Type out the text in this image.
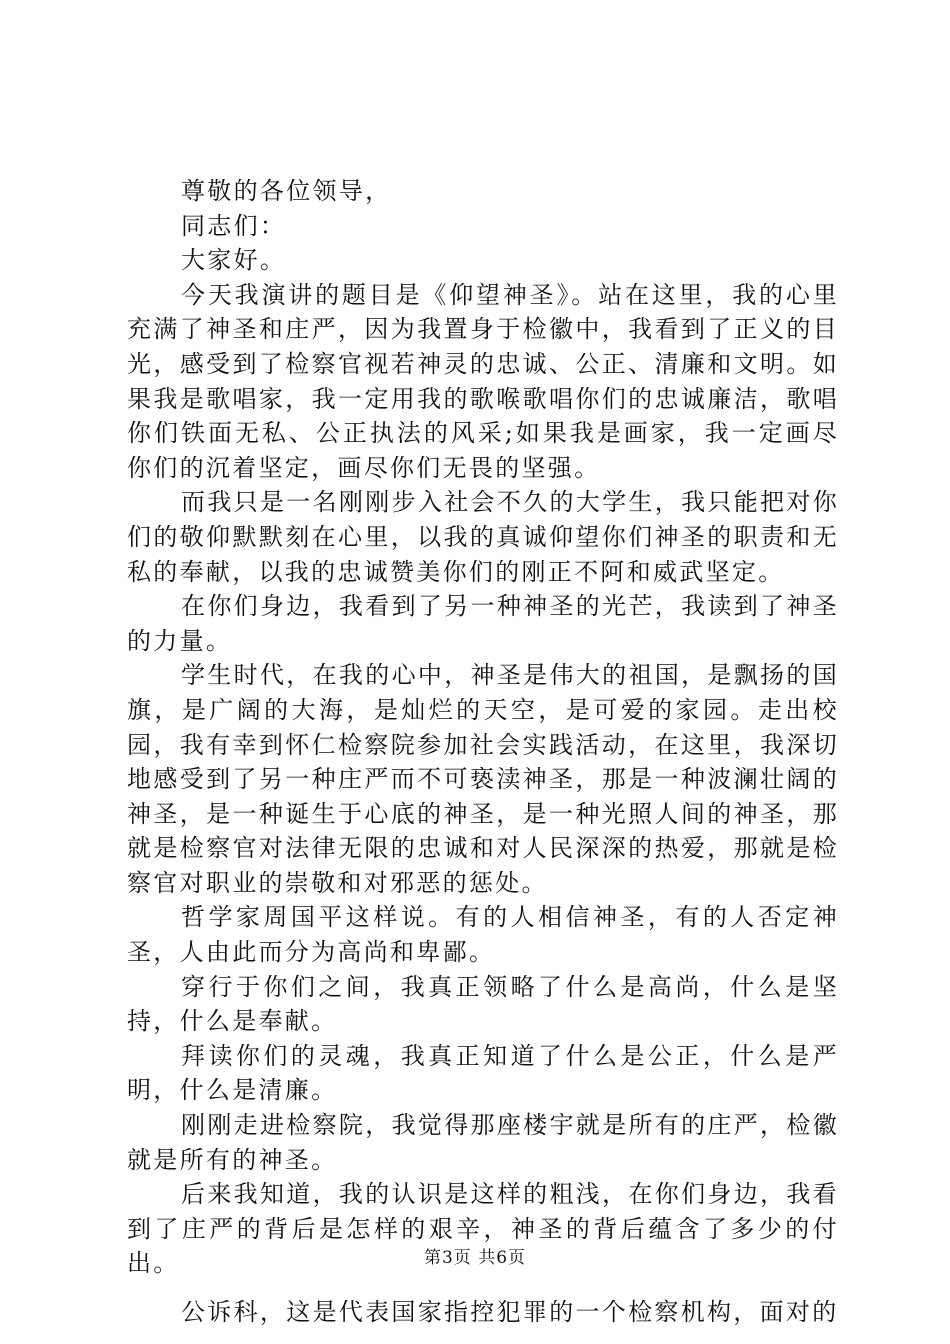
尊敬的各位领导，

同志们：

大家好。

今天我演讲的题目是《仰望神圣》。站在这里，我的心里充满了神圣和庄严，因为我置身于检徽中，我看到了正义的目光，感受到了检察官视若神灵的忠诚、公正、清廉和文明。如果我是歌唱家，我一定用我的歌喉歌唱你们的忠诚廉洁，歌唱你们铁面无私、公正执法的风采;如果我是画家，我一定画尽你们的沉着坚定，画尽你们无畏的坚强。

而我只是一名刚刚步入社会不久的大学生，我只能把对你们的敬仰默默刻在心里，以我的真诚仰望你们神圣的职责和无私的奉献，以我的忠诚赞美你们的刚正不阿和威武坚定。

在你们身边，我看到了另一种神圣的光芒，我读到了神圣的力量。

学生时代，在我的心中，神圣是伟大的祖国，是飘扬的国旗，是广阔的大海，是灿烂的天空，是可爱的家园。走出校园，我有幸到怀仁检察院参加社会实践活动，在这里，我深切地感受到了另一种庄严而不可亵渎神圣，那是一种波澜壮阔的神圣，是一种诞生于心底的神圣，是一种光照人间的神圣，那就是检察官对法律无限的忠诚和对人民深深的热爱，那就是检察官对职业的崇敬和对邪恶的惩处。

哲学家周国平这样说。有的人相信神圣，有的人否定神圣，人由此而分为高尚和卑鄙。

穿行于你们之间，我真正领略了什么是高尚，什么是坚持，什么是奉献。

拜读你们的灵魂，我真正知道了什么是公正，什么是严明，什么是清廉。

刚刚走进检察院，我觉得那座楼宇就是所有的庄严，检徽就是所有的神圣。

后来我知道，我的认识是这样的粗浅，在你们身边，我看到了庄严的背后是怎样的艰辛，神圣的背后蕴含了多少的付出。

公诉科，这是代表国家指控犯罪的一个检察机构，面对的

第3页 共6页
